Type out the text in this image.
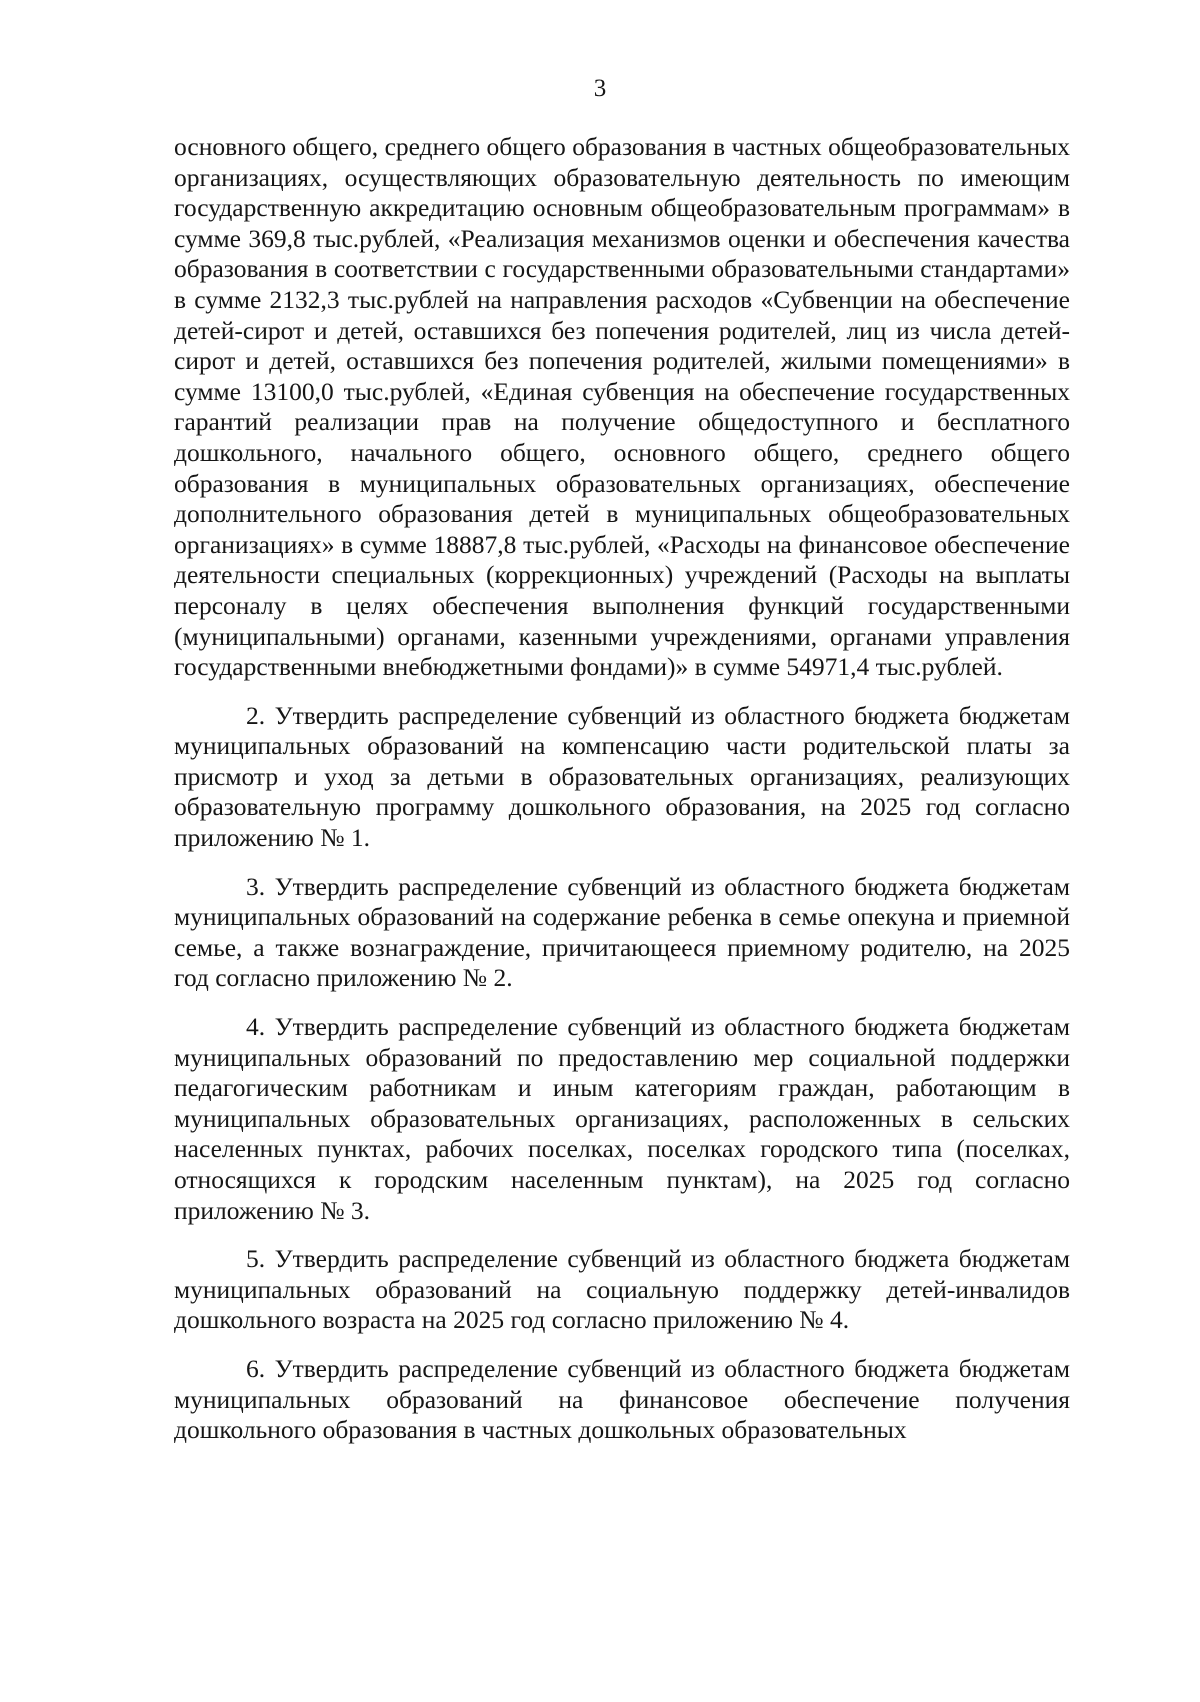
3

основного общего, среднего общего образования в частных общеобразовательных организациях, осуществляющих образовательную деятельность по имеющим государственную аккредитацию основным общеобразовательным программам» в сумме 369,8 тыс.рублей, «Реализация механизмов оценки и обеспечения качества образования в соответствии с государственными образовательными стандартами» в сумме 2132,3 тыс.рублей на направления расходов «Субвенции на обеспечение детей-сирот и детей, оставшихся без попечения родителей, лиц из числа детей-сирот и детей, оставшихся без попечения родителей, жилыми помещениями» в сумме 13100,0 тыс.рублей, «Единая субвенция на обеспечение государственных гарантий реализации прав на получение общедоступного и бесплатного дошкольного, начального общего, основного общего, среднего общего образования в муниципальных образовательных организациях, обеспечение дополнительного образования детей в муниципальных общеобразовательных организациях» в сумме 18887,8 тыс.рублей, «Расходы на финансовое обеспечение деятельности специальных (коррекционных) учреждений (Расходы на выплаты персоналу в целях обеспечения выполнения функций государственными (муниципальными) органами, казенными учреждениями, органами управления государственными внебюджетными фондами)» в сумме 54971,4 тыс.рублей.

2. Утвердить распределение субвенций из областного бюджета бюджетам муниципальных образований на компенсацию части родительской платы за присмотр и уход за детьми в образовательных организациях, реализующих образовательную программу дошкольного образования, на 2025 год согласно приложению № 1.

3. Утвердить распределение субвенций из областного бюджета бюджетам муниципальных образований на содержание ребенка в семье опекуна и приемной семье, а также вознаграждение, причитающееся приемному родителю, на 2025 год согласно приложению № 2.

4. Утвердить распределение субвенций из областного бюджета бюджетам муниципальных образований по предоставлению мер социальной поддержки педагогическим работникам и иным категориям граждан, работающим в муниципальных образовательных организациях, расположенных в сельских населенных пунктах, рабочих поселках, поселках городского типа (поселках, относящихся к городским населенным пунктам), на 2025 год согласно приложению № 3.

5. Утвердить распределение субвенций из областного бюджета бюджетам муниципальных образований на социальную поддержку детей-инвалидов дошкольного возраста на 2025 год согласно приложению № 4.

6. Утвердить распределение субвенций из областного бюджета бюджетам муниципальных образований на финансовое обеспечение получения дошкольного образования в частных дошкольных образовательных
